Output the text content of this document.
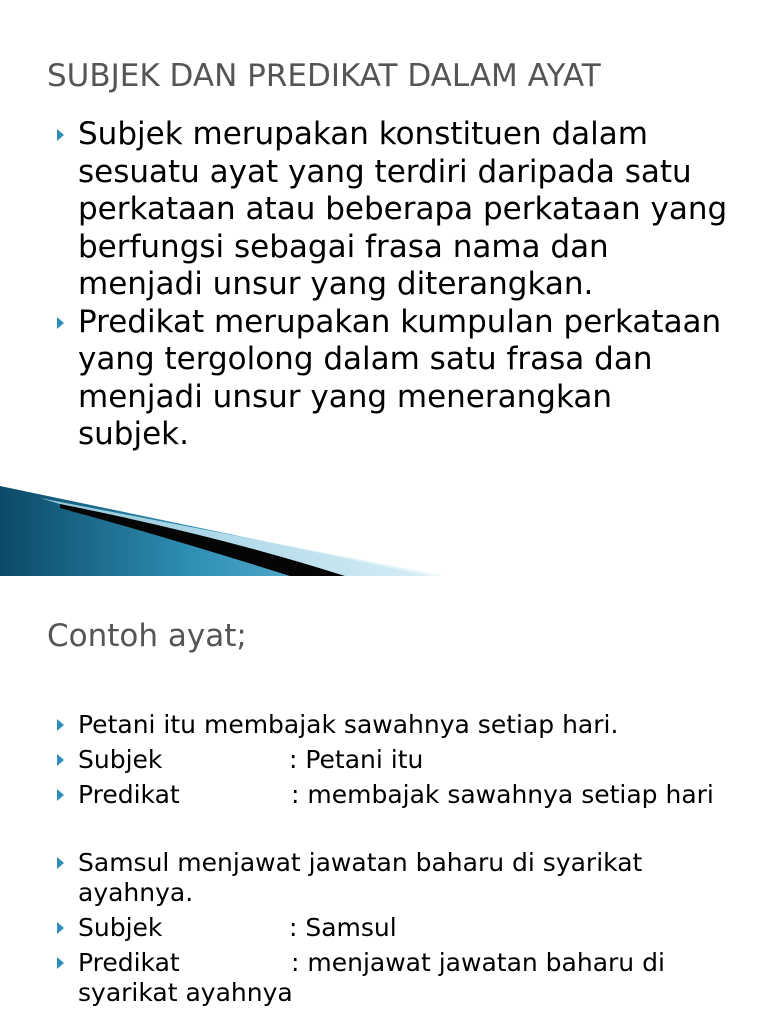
SUBJEK DAN PREDIKAT DALAM AYAT
Subjek merupakan konstituen dalam sesuatu ayat yang terdiri daripada satu perkataan atau beberapa perkataan yang berfungsi sebagai frasa nama dan menjadi unsur yang diterangkan.
Predikat merupakan kumpulan perkataan yang tergolong dalam satu frasa dan menjadi unsur yang menerangkan subjek.
Contoh ayat;
Petani itu membajak sawahnya setiap hari.
Subjek	: Petani itu
Predikat	: membajak sawahnya setiap hari
Samsul menjawat jawatan baharu di syarikat ayahnya.
Subjek	: Samsul
Predikat	: menjawat jawatan baharu di syarikat ayahnya
